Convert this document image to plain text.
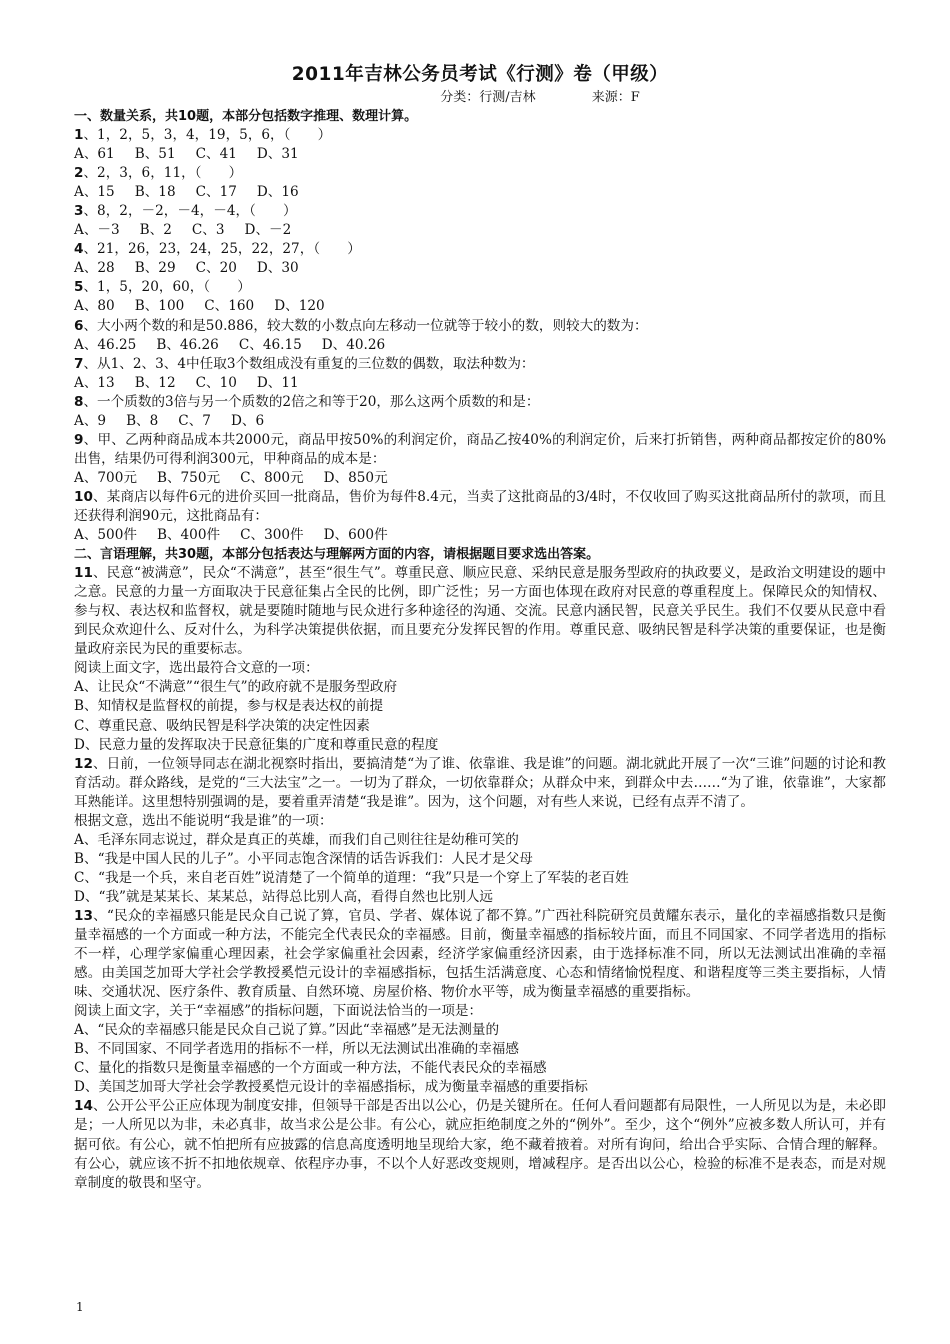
2011年吉林公务员考试《行测》卷（甲级）
分类：行测/吉林	来源：F
一、数量关系，共10题，本部分包括数字推理、数理计算。
1、1，2，5，3，4，19，5，6，（　　）
A、61 B、51 C、41 D、31
2、2，3，6，11，（　　）
A、15 B、18 C、17 D、16
3、8，2，－2，－4，－4，（　　）
A、－3 B、2 C、3 D、－2
4、21，26，23，24，25，22，27，（　　）
A、28 B、29 C、20 D、30
5、1，5，20，60，（　　）
A、80 B、100 C、160 D、120
6、大小两个数的和是50.886，较大数的小数点向左移动一位就等于较小的数，则较大的数为：
A、46.25 B、46.26 C、46.15 D、40.26
7、从1、2、3、4中任取3个数组成没有重复的三位数的偶数，取法种数为：
A、13 B、12 C、10 D、11
8、一个质数的3倍与另一个质数的2倍之和等于20，那么这两个质数的和是：
A、9 B、8 C、7 D、6
9、甲、乙两种商品成本共2000元，商品甲按50%的利润定价，商品乙按40%的利润定价，后来打折销售，两种商品都按定价的80%出售，结果仍可得利润300元，甲种商品的成本是：
A、700元 B、750元 C、800元 D、850元
10、某商店以每件6元的进价买回一批商品，售价为每件8.4元，当卖了这批商品的3/4时，不仅收回了购买这批商品所付的款项，而且还获得利润90元，这批商品有：
A、500件 B、400件 C、300件 D、600件
二、言语理解，共30题，本部分包括表达与理解两方面的内容，请根据题目要求选出答案。
11、民意“被满意”，民众“不满意”，甚至“很生气”。尊重民意、顺应民意、采纳民意是服务型政府的执政要义，是政治文明建设的题中之意。民意的力量一方面取决于民意征集占全民的比例，即广泛性；另一方面也体现在政府对民意的尊重程度上。保障民众的知情权、参与权、表达权和监督权，就是要随时随地与民众进行多种途径的沟通、交流。民意内涵民智，民意关乎民生。我们不仅要从民意中看到民众欢迎什么、反对什么，为科学决策提供依据，而且要充分发挥民智的作用。尊重民意、吸纳民智是科学决策的重要保证，也是衡量政府亲民为民的重要标志。
阅读上面文字，选出最符合文意的一项：
A、让民众“不满意”“很生气”的政府就不是服务型政府
B、知情权是监督权的前提，参与权是表达权的前提
C、尊重民意、吸纳民智是科学决策的决定性因素
D、民意力量的发挥取决于民意征集的广度和尊重民意的程度
12、日前，一位领导同志在湖北视察时指出，要搞清楚“为了谁、依靠谁、我是谁”的问题。湖北就此开展了一次“三谁”问题的讨论和教育活动。群众路线，是党的“三大法宝”之一。一切为了群众，一切依靠群众；从群众中来，到群众中去……“为了谁，依靠谁”，大家都耳熟能详。这里想特别强调的是，要着重弄清楚“我是谁”。因为，这个问题，对有些人来说，已经有点弄不清了。
根据文意，选出不能说明“我是谁”的一项：
A、毛泽东同志说过，群众是真正的英雄，而我们自己则往往是幼稚可笑的
B、“我是中国人民的儿子”。小平同志饱含深情的话告诉我们：人民才是父母
C、“我是一个兵，来自老百姓”说清楚了一个简单的道理：“我”只是一个穿上了军装的老百姓
D、“我”就是某某长、某某总，站得总比别人高，看得自然也比别人远
13、“民众的幸福感只能是民众自己说了算，官员、学者、媒体说了都不算。”广西社科院研究员黄耀东表示，量化的幸福感指数只是衡量幸福感的一个方面或一种方法，不能完全代表民众的幸福感。目前，衡量幸福感的指标较片面，而且不同国家、不同学者选用的指标不一样，心理学家偏重心理因素，社会学家偏重社会因素，经济学家偏重经济因素，由于选择标准不同，所以无法测试出准确的幸福感。由美国芝加哥大学社会学教授奚恺元设计的幸福感指标，包括生活满意度、心态和情绪愉悦程度、和谐程度等三类主要指标，人情味、交通状况、医疗条件、教育质量、自然环境、房屋价格、物价水平等，成为衡量幸福感的重要指标。
阅读上面文字，关于“幸福感”的指标问题，下面说法恰当的一项是：
A、“民众的幸福感只能是民众自己说了算。”因此“幸福感”是无法测量的
B、不同国家、不同学者选用的指标不一样，所以无法测试出准确的幸福感
C、量化的指数只是衡量幸福感的一个方面或一种方法，不能代表民众的幸福感
D、美国芝加哥大学社会学教授奚恺元设计的幸福感指标，成为衡量幸福感的重要指标
14、公开公平公正应体现为制度安排，但领导干部是否出以公心，仍是关键所在。任何人看问题都有局限性，一人所见以为是，未必即是；一人所见以为非，未必真非，故当求公是公非。有公心，就应拒绝制度之外的“例外”。至少，这个“例外”应被多数人所认可，并有据可依。有公心，就不怕把所有应披露的信息高度透明地呈现给大家，绝不藏着掖着。对所有询问，给出合乎实际、合情合理的解释。有公心，就应该不折不扣地依规章、依程序办事，不以个人好恶改变规则，增减程序。是否出以公心，检验的标准不是表态，而是对规章制度的敬畏和坚守。
1
